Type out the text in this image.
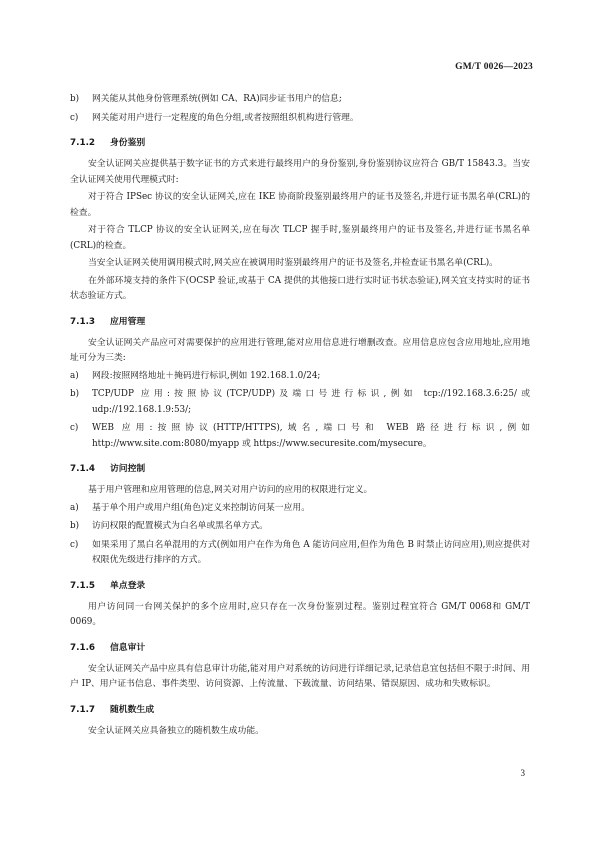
GM/T 0026—2023
b) 网关能从其他身份管理系统(例如 CA、RA)同步证书用户的信息;
c) 网关能对用户进行一定程度的角色分组,或者按照组织机构进行管理。
7.1.2 身份鉴别

安全认证网关应提供基于数字证书的方式来进行最终用户的身份鉴别,身份鉴别协议应符合 GB/T 15843.3。当安全认证网关使用代理模式时:

对于符合 IPSec 协议的安全认证网关,应在 IKE 协商阶段鉴别最终用户的证书及签名,并进行证书黑名单(CRL)的检查。

对于符合 TLCP 协议的安全认证网关,应在每次 TLCP 握手时,鉴别最终用户的证书及签名,并进行证书黑名单(CRL)的检查。

当安全认证网关使用调用模式时,网关应在被调用时鉴别最终用户的证书及签名,并检查证书黑名单(CRL)。

在外部环境支持的条件下(OCSP 验证,或基于 CA 提供的其他接口进行实时证书状态验证),网关宜支持实时的证书状态验证方式。

7.1.3 应用管理

安全认证网关产品应可对需要保护的应用进行管理,能对应用信息进行增删改查。应用信息应包含应用地址,应用地址可分为三类:

a) 网段:按照网络地址＋掩码进行标识,例如 192.168.1.0/24;
b) TCP/UDP 应用:按照协议(TCP/UDP)及端口号进行标识,例如 tcp://192.168.3.6:25/或udp://192.168.1.9:53/;
c) WEB 应用:按照协议(HTTP/HTTPS),域名,端口号和 WEB 路径进行标识,例如 http://www.site.com:8080/myapp 或 https://www.securesite.com/mysecure。
7.1.4 访问控制

基于用户管理和应用管理的信息,网关对用户访问的应用的权限进行定义。

a) 基于单个用户或用户组(角色)定义来控制访问某一应用。
b) 访问权限的配置模式为白名单或黑名单方式。
c) 如果采用了黑白名单混用的方式(例如用户在作为角色 A 能访问应用,但作为角色 B 时禁止访问应用),则应提供对权限优先级进行排序的方式。
7.1.5 单点登录

用户访问同一台网关保护的多个应用时,应只存在一次身份鉴别过程。鉴别过程宜符合 GM/T 0068和 GM/T 0069。

7.1.6 信息审计

安全认证网关产品中应具有信息审计功能,能对用户对系统的访问进行详细记录,记录信息宜包括但不限于:时间、用户 IP、用户证书信息、事件类型、访问资源、上传流量、下载流量、访问结果、错误原因、成功和失败标识。

7.1.7 随机数生成

安全认证网关应具备独立的随机数生成功能。

3
